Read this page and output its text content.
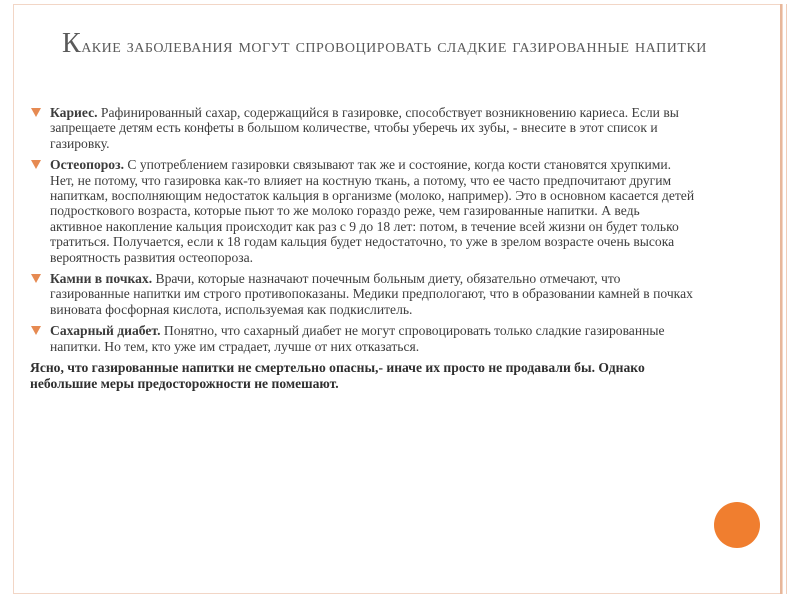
Какие заболевания могут спровоцировать сладкие газированные напитки
Кариес. Рафинированный сахар, содержащийся в газировке, способствует возникновению кариеса. Если вы запрещаете детям есть конфеты в большом количестве, чтобы уберечь их зубы, - внесите в этот список и газировку.
Остеопороз. С употреблением газировки связывают так же и состояние, когда кости становятся хрупкими. Нет, не потому, что газировка как-то влияет на костную ткань, а потому, что ее часто предпочитают другим напиткам, восполняющим недостаток кальция в организме (молоко, например). Это в основном касается детей подросткового возраста, которые пьют то же молоко гораздо реже, чем газированные напитки. А ведь активное накопление кальция происходит как раз с 9 до 18 лет: потом, в течение всей жизни он будет только тратиться. Получается, если к 18 годам кальция будет недостаточно, то уже в зрелом возрасте очень высока вероятность развития остеопороза.
Камни в почках. Врачи, которые назначают почечным больным диету, обязательно отмечают, что газированные напитки им строго противопоказаны. Медики предпологают, что в образовании камней в почках виновата фосфорная кислота, используемая как подкислитель.
Сахарный диабет. Понятно, что сахарный диабет не могут спровоцировать только сладкие газированные напитки. Но тем, кто уже им страдает, лучше от них отказаться.
Ясно, что газированные напитки не смертельно опасны,- иначе их просто не продавали бы. Однако небольшие меры предосторожности не помешают.
